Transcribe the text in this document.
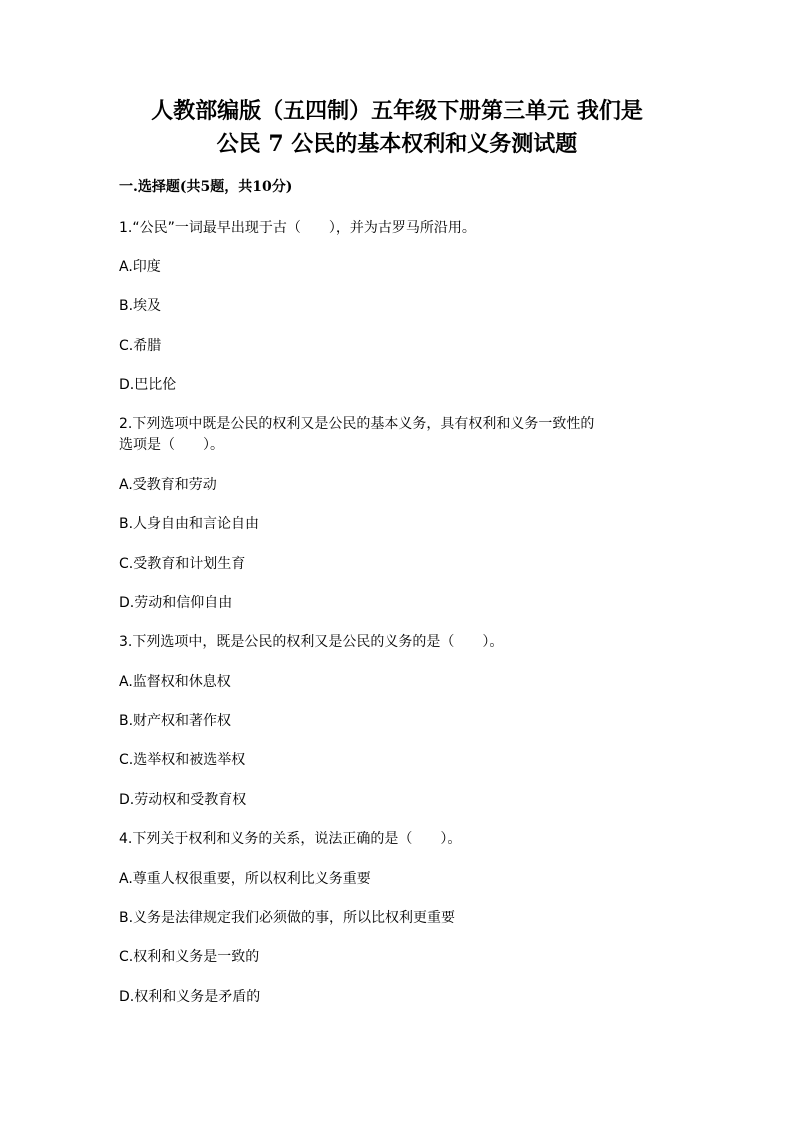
人教部编版（五四制）五年级下册第三单元 我们是
公民 7 公民的基本权利和义务测试题
一.选择题(共5题，共10分)
1.“公民”一词最早出现于古（　　），并为古罗马所沿用。
A.印度
B.埃及
C.希腊
D.巴比伦
2.下列选项中既是公民的权利又是公民的基本义务，具有权利和义务一致性的
选项是（　　）。
A.受教育和劳动
B.人身自由和言论自由
C.受教育和计划生育
D.劳动和信仰自由
3.下列选项中，既是公民的权利又是公民的义务的是（　　）。
A.监督权和休息权
B.财产权和著作权
C.选举权和被选举权
D.劳动权和受教育权
4.下列关于权利和义务的关系，说法正确的是（　　）。
A.尊重人权很重要，所以权利比义务重要
B.义务是法律规定我们必须做的事，所以比权利更重要
C.权利和义务是一致的
D.权利和义务是矛盾的
